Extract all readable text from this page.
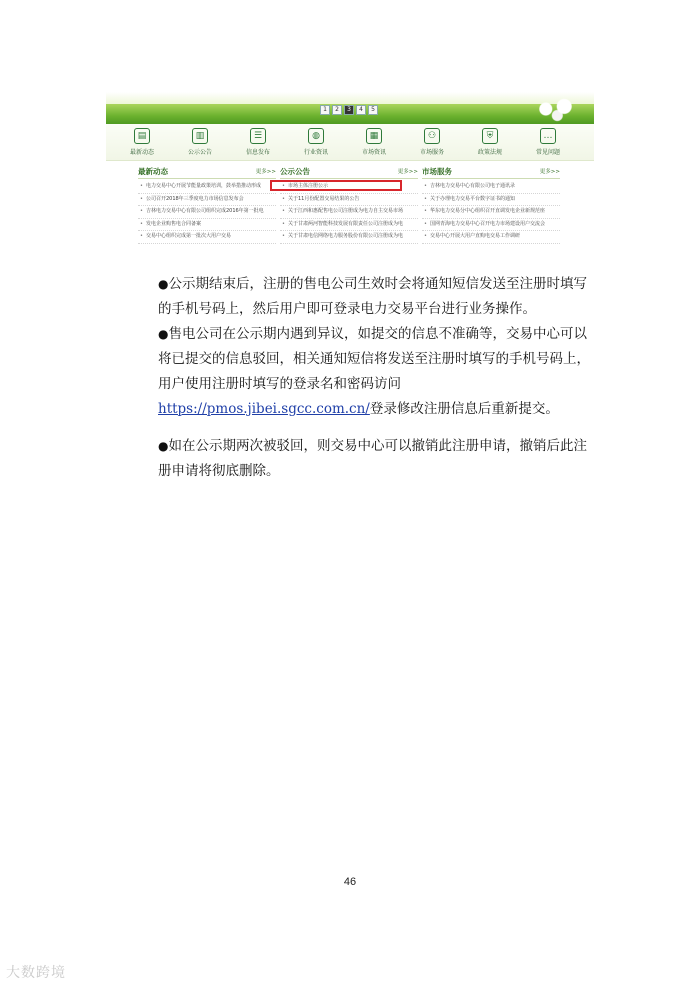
1	2	3	4	5
▤
最新动态
▥
公示公告
☰
信息发布
◍
行业资讯
▦
市场资讯
⚇
市场服务
⛨
政策法规
…
常见问题
最新动态	更多>>
• 电力交易中心开展节能量政策培训，鼓举措推动形成
• 公司召开2018年三季度电力市场信息发布会
• 吉林电力交易中心有限公司组织完成2016年第一批电
• 发电企业购售电合同备案
• 交易中心组织完成第一批次大用户交易
公示公告	更多>>
• 市场主体注册公示
• 关于11月份配置交易结果的公告
• 关于江西和惠配售电公司注册成为电力自主交易市场
• 关于甘肃两河智能科技发展有限责任公司注册成为电
• 关于甘肃电信网络电力服务股份有限公司注册成为电
市场服务	更多>>
• 吉林电力交易中心有限公司电子通讯录
• 关于办理电力交易平台数字证书的通知
• 华东电力交易分中心组织召开直调发电企业新规范座
• 国网青海电力交易中心召开电力市场建设用户交流会
• 交易中心开展大用户直购电交易工作调研
●公示期结束后，注册的售电公司生效时会将通知短信发送至注册时填写的手机号码上，然后用户即可登录电力交易平台进行业务操作。
●售电公司在公示期内遇到异议，如提交的信息不准确等，交易中心可以将已提交的信息驳回，相关通知短信将发送至注册时填写的手机号码上，用户使用注册时填写的登录名和密码访问
https://pmos.jibei.sgcc.com.cn/登录修改注册信息后重新提交。
●如在公示期两次被驳回，则交易中心可以撤销此注册申请，撤销后此注册申请将彻底删除。
46
大数跨境
